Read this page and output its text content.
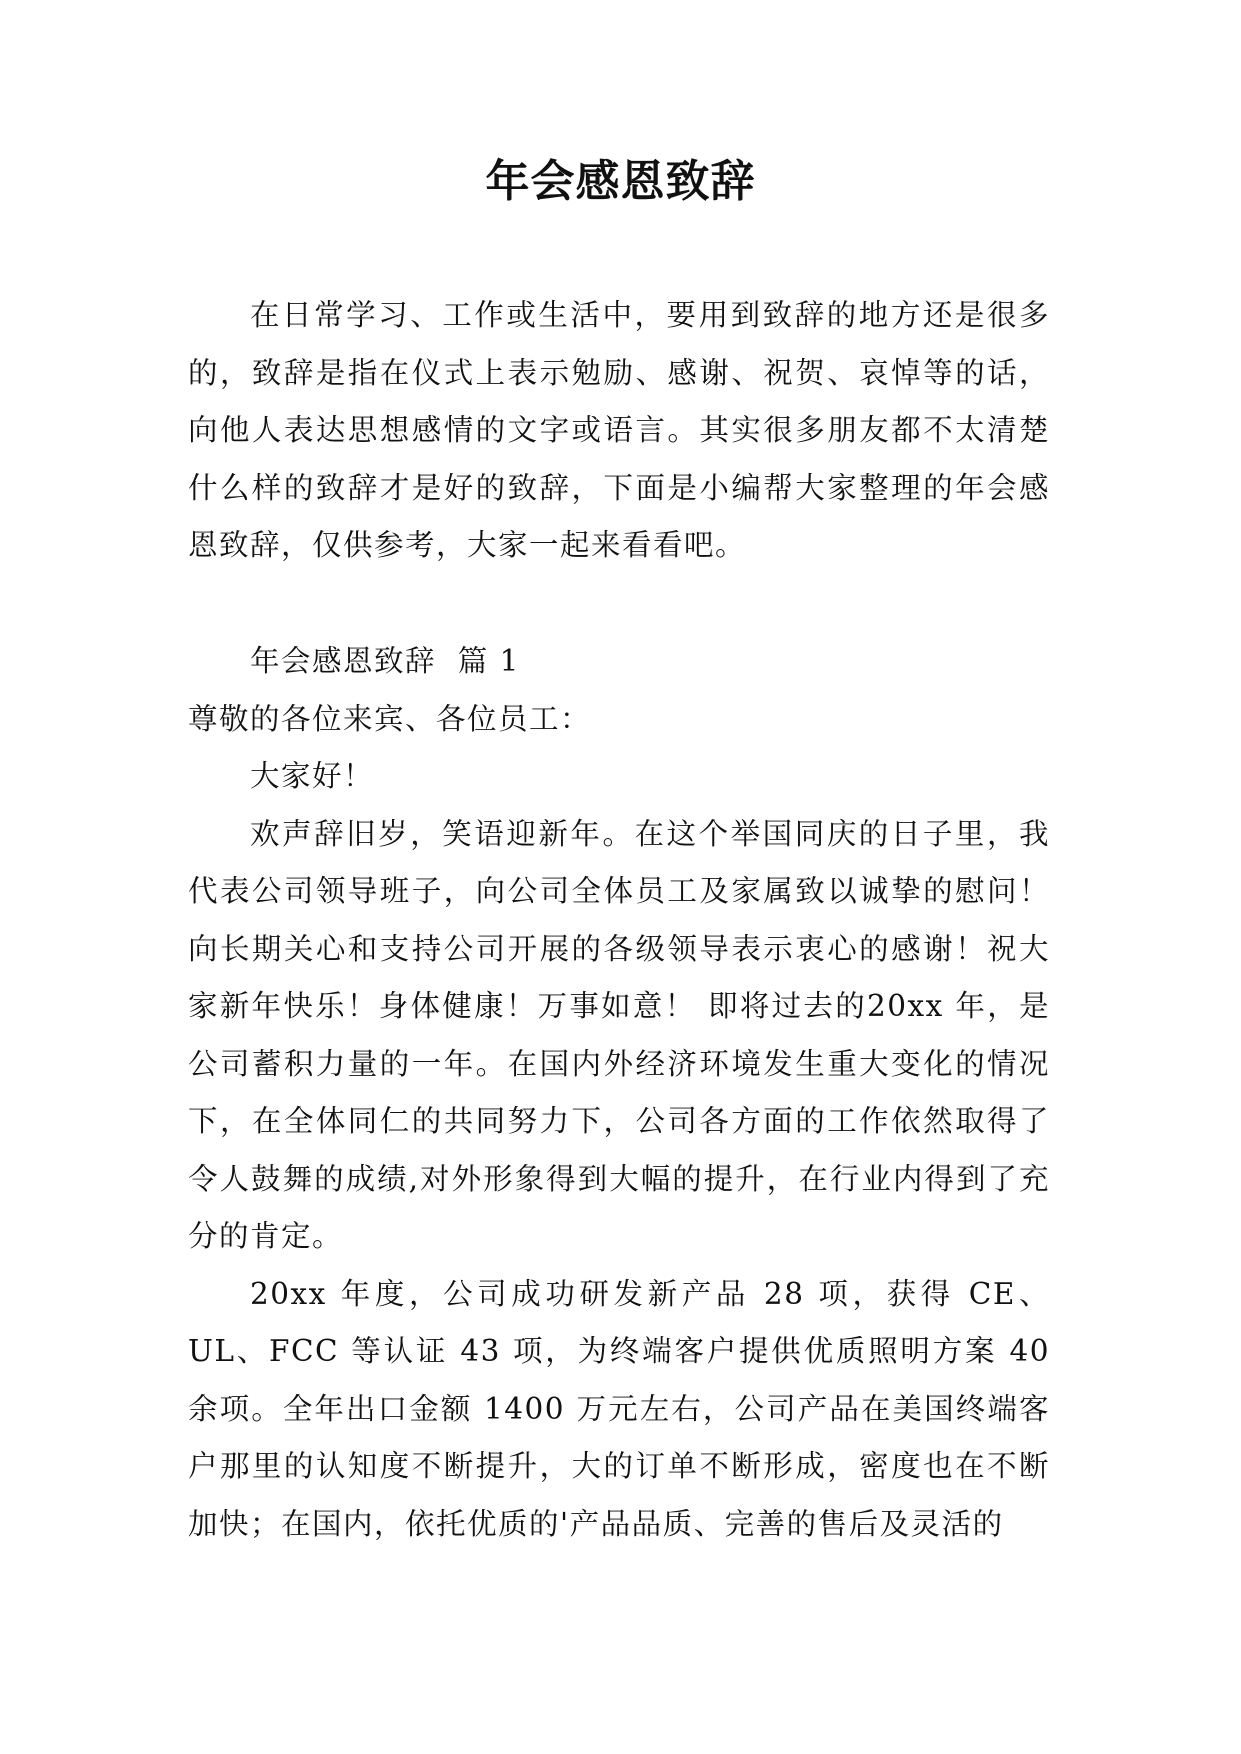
年会感恩致辞

在日常学习、工作或生活中，要用到致辞的地方还是很多的，致辞是指在仪式上表示勉励、感谢、祝贺、哀悼等的话，向他人表达思想感情的文字或语言。其实很多朋友都不太清楚什么样的致辞才是好的致辞，下面是小编帮大家整理的年会感恩致辞，仅供参考，大家一起来看看吧。

年会感恩致辞  篇 1

尊敬的各位来宾、各位员工：

大家好！

欢声辞旧岁，笑语迎新年。在这个举国同庆的日子里，我代表公司领导班子，向公司全体员工及家属致以诚挚的慰问！向长期关心和支持公司开展的各级领导表示衷心的感谢！祝大家新年快乐！身体健康！万事如意！ 即将过去的20xx 年，是公司蓄积力量的一年。在国内外经济环境发生重大变化的情况下，在全体同仁的共同努力下，公司各方面的工作依然取得了令人鼓舞的成绩,对外形象得到大幅的提升，在行业内得到了充分的肯定。

20xx 年度，公司成功研发新产品 28 项，获得 CE、UL、FCC 等认证 43 项，为终端客户提供优质照明方案 40 余项。全年出口金额 1400 万元左右，公司产品在美国终端客户那里的认知度不断提升，大的订单不断形成，密度也在不断加快；在国内，依托优质的'产品品质、完善的售后及灵活的
